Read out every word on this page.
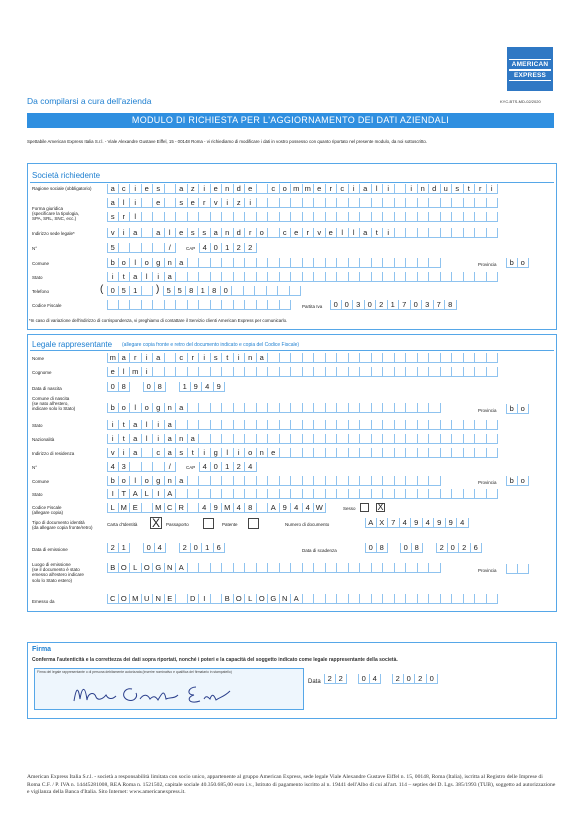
AMERICAN
EXPRESS
Da compilarsi a cura dell'azienda	KYC-BTS-MD-02/2020
MODULO DI RICHIESTA PER L'AGGIORNAMENTO DEI DATI AZIENDALI
Spettabile American Express Italia S.r.l. - Viale Alexandre Gustave Eiffel, 15 - 00148 Roma - vi richiediamo di modificare i dati in vostro possesso con quanto riportato nel presente modulo, da noi sottoscritto.
Società richiedente
Ragione sociale (obbligatorio)	a c	i	e	s	a	z	i	e n d e	c	o m m e	r	c	i	a	l	i	i	n d u	s	t	r	i
a	l	i	e	s	e	r	v	i	z	i
Forma giuridica
(specificare la tipologia,
SPA, SRL, SNC, ecc.)	s	r	l
Indirizzo sede legale*	v	i	a	a	l	e	s	s	a n d	r	o	c	e	r	v	e	l	l	a	t	i
N°	5	/	CAP 4 0 1 2 2
Comune	b o	l	o g n a	Provincia	b o
Stato	i	t	a	l	i	a
Telefono	( 0 5 1	) 5 5 8 1 8 0
Codice Fiscale	Partita Iva	0 0 3 0 2 1 7 0 3 7 8
*In caso di variazione dell'indirizzo di corrispondenza, vi preghiamo di contattare il Servizio clienti American Express per comunicarlo.
Legale rappresentante (allegare copia fronte e retro del documento indicato e copia del Codice Fiscale)
Nome	m a	r	i	a	c	r	i	s	t	i	n a
Cognome	e	l	m	i
Data di nascita	0 8	0 8	1 9 4 9
Comune di nascita
(se nato all'estero,
indicare solo lo Stato)	b o	l	o g n a	Provincia	b o
Stato	i	t	a	l	i	a
Nazionalità	i	t	a	l	i	a n a
Indirizzo di residenza	v	i	a	c	a	s	t	i	g	l	i	o n e
N°	4 3	/	CAP 4 0 1 2 4
Comune	b o	l	o g n a	Provincia	b o
Stato	I	T A L	I	A
Codice Fiscale
(allegare copia)
L M E	M C R	4 9 M 4 8	A 9 4 4 W	Sesso X
Tipo di documento identità
(da allegare copia fronte/retro)
Carta d'Identità X	Passaporto	Patente	Numero di documento	A X 7 4 9 4 9 9 4
Data di emissione	2 1	0 4	2 0 1 6	Data di scadenza	0 8	0 8	2 0 2 6
Luogo di emissione
(se il documento è stato
emesso all'estero indicare
solo lo Stato estero)
B O L O G N A	Provincia
Emesso da	C O M U N E	D	I	B O L O G N A
Firma
Conferma l'autenticità e la correttezza dei dati sopra riportati, nonché i poteri e la capacità del soggetto indicato come legale rappresentante della società.
Firma del legale rappresentante o di persona debitamente autorizzata (inserire nominativo e qualifica del firmatario in stampatello)
Data 2 2	0 4	2 0 2 0
American Express Italia S.r.l. - società a responsabilità limitata con socio unico, appartenente al gruppo American Express, sede legale Viale Alexandre Gustave Eiffel n. 15, 00148, Roma (Italia), iscritta al Registro delle Imprese di Roma C.F. / P. IVA n. 14445281008, REA Roma n. 1521502, capitale sociale 40.350.685,00 euro i.v., Istituto di pagamento iscritto al n. 19441 dell'Albo di cui all'art. 114 – septies del D. Lgs. 385/1993 (TUB), soggetto ad autorizzazione e vigilanza della Banca d'Italia. Sito Internet: www.americanexpress.it.
